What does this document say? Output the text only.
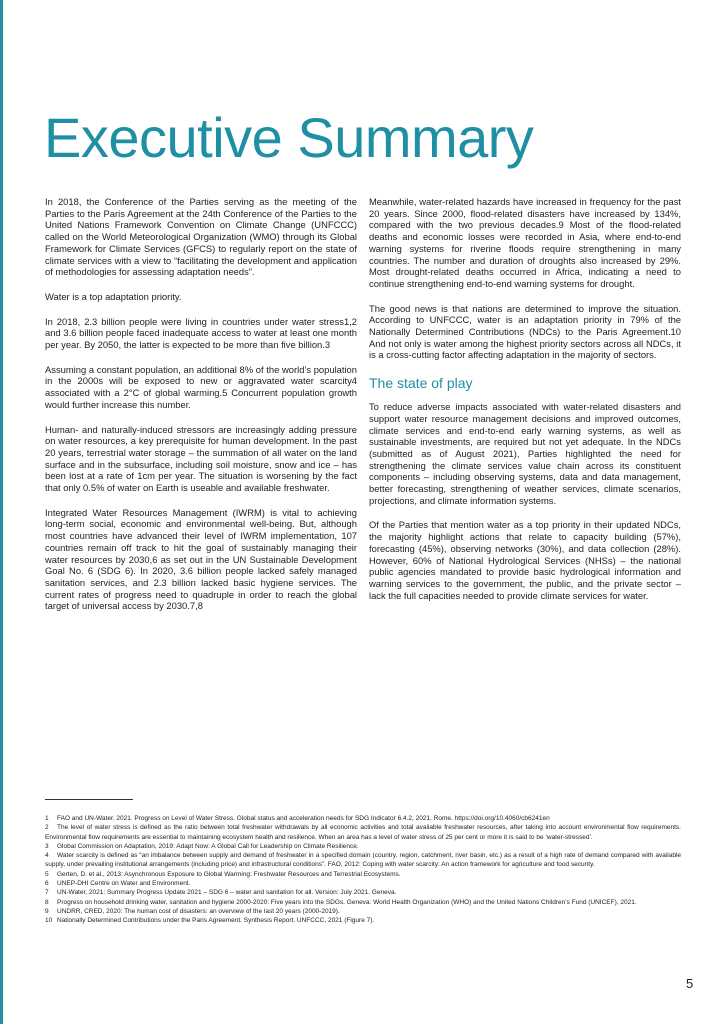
Executive Summary

In 2018, the Conference of the Parties serving as the meeting of the Parties to the Paris Agreement at the 24th Conference of the Parties to the United Nations Framework Convention on Climate Change (UNFCCC) called on the World Meteorological Organization (WMO) through its Global Framework for Climate Services (GFCS) to regularly report on the state of climate services with a view to “facilitating the development and application of methodologies for assessing adaptation needs”.

Water is a top adaptation priority.

In 2018, 2.3 billion people were living in countries under water stress1,2 and 3.6 billion people faced inadequate access to water at least one month per year. By 2050, the latter is expected to be more than five billion.3

Assuming a constant population, an additional 8% of the world’s population in the 2000s will be exposed to new or aggravated water scarcity4 associated with a 2°C of global warming.5 Concurrent population growth would further increase this number.

Human- and naturally-induced stressors are increasingly adding pressure on water resources, a key prerequisite for human development. In the past 20 years, terrestrial water storage – the summation of all water on the land surface and in the subsurface, including soil moisture, snow and ice – has been lost at a rate of 1cm per year. The situation is worsening by the fact that only 0.5% of water on Earth is useable and available freshwater.

Integrated Water Resources Management (IWRM) is vital to achieving long-term social, economic and environmental well-being. But, although most countries have advanced their level of IWRM implementation, 107 countries remain off track to hit the goal of sustainably managing their water resources by 2030,6 as set out in the UN Sustainable Development Goal No. 6 (SDG 6). In 2020, 3.6 billion people lacked safely managed sanitation services, and 2.3 billion lacked basic hygiene services. The current rates of progress need to quadruple in order to reach the global target of universal access by 2030.7,8

Meanwhile, water-related hazards have increased in frequency for the past 20 years. Since 2000, flood-related disasters have increased by 134%, compared with the two previous decades.9 Most of the flood-related deaths and economic losses were recorded in Asia, where end-to-end warning systems for riverine floods require strengthening in many countries. The number and duration of droughts also increased by 29%. Most drought-related deaths occurred in Africa, indicating a need to continue strengthening end-to-end warning systems for drought.

The good news is that nations are determined to improve the situation. According to UNFCCC, water is an adaptation priority in 79% of the Nationally Determined Contributions (NDCs) to the Paris Agreement.10 And not only is water among the highest priority sectors across all NDCs, it is a cross-cutting factor affecting adaptation in the majority of sectors.

The state of play

To reduce adverse impacts associated with water-related disasters and support water resource management decisions and improved outcomes, climate services and end-to-end early warning systems, as well as sustainable investments, are required but not yet adequate. In the NDCs (submitted as of August 2021), Parties highlighted the need for strengthening the climate services value chain across its constituent components – including observing systems, data and data management, better forecasting, strengthening of weather services, climate scenarios, projections, and climate information systems.

Of the Parties that mention water as a top priority in their updated NDCs, the majority highlight actions that relate to capacity building (57%), forecasting (45%), observing networks (30%), and data collection (28%). However, 60% of National Hydrological Services (NHSs) – the national public agencies mandated to provide basic hydrological information and warning services to the government, the public, and the private sector – lack the full capacities needed to provide climate services for water.

1 FAO and UN-Water. 2021. Progress on Level of Water Stress. Global status and acceleration needs for SDG Indicator 6.4.2, 2021. Rome. https://doi.org/10.4060/cb6241en

2 The level of water stress is defined as the ratio between total freshwater withdrawals by all economic activities and total available freshwater resources, after taking into account environmental flow requirements. Environmental flow requirements are essential to maintaining ecosystem health and resilience. When an area has a level of water stress of 25 per cent or more it is said to be ‘water-stressed’.

3 Global Commission on Adaptation, 2019: Adapt Now: A Global Call for Leadership on Climate Resilience.

4 Water scarcity is defined as “an imbalance between supply and demand of freshwater in a specified domain (country, region, catchment, river basin, etc.) as a result of a high rate of demand compared with available supply, under prevailing institutional arrangements (including price) and infrastructural conditions”. FAO, 2012: Coping with water scarcity: An action framework for agriculture and food security.

5 Gerten, D. et al., 2013: Asynchronous Exposure to Global Warming: Freshwater Resources and Terrestrial Ecosystems.

6 UNEP-DHI Centre on Water and Environment.

7 UN-Water, 2021: Summary Progress Update 2021 – SDG 6 – water and sanitation for all. Version: July 2021. Geneva.

8 Progress on household drinking water, sanitation and hygiene 2000-2020: Five years into the SDGs. Geneva: World Health Organization (WHO) and the United Nations Children’s Fund (UNICEF), 2021.

9 UNDRR, CRED, 2020: The human cost of disasters: an overview of the last 20 years (2000-2019).

10 Nationally Determined Contributions under the Paris Agreement. Synthesis Report. UNFCCC, 2021 (Figure 7).

5
